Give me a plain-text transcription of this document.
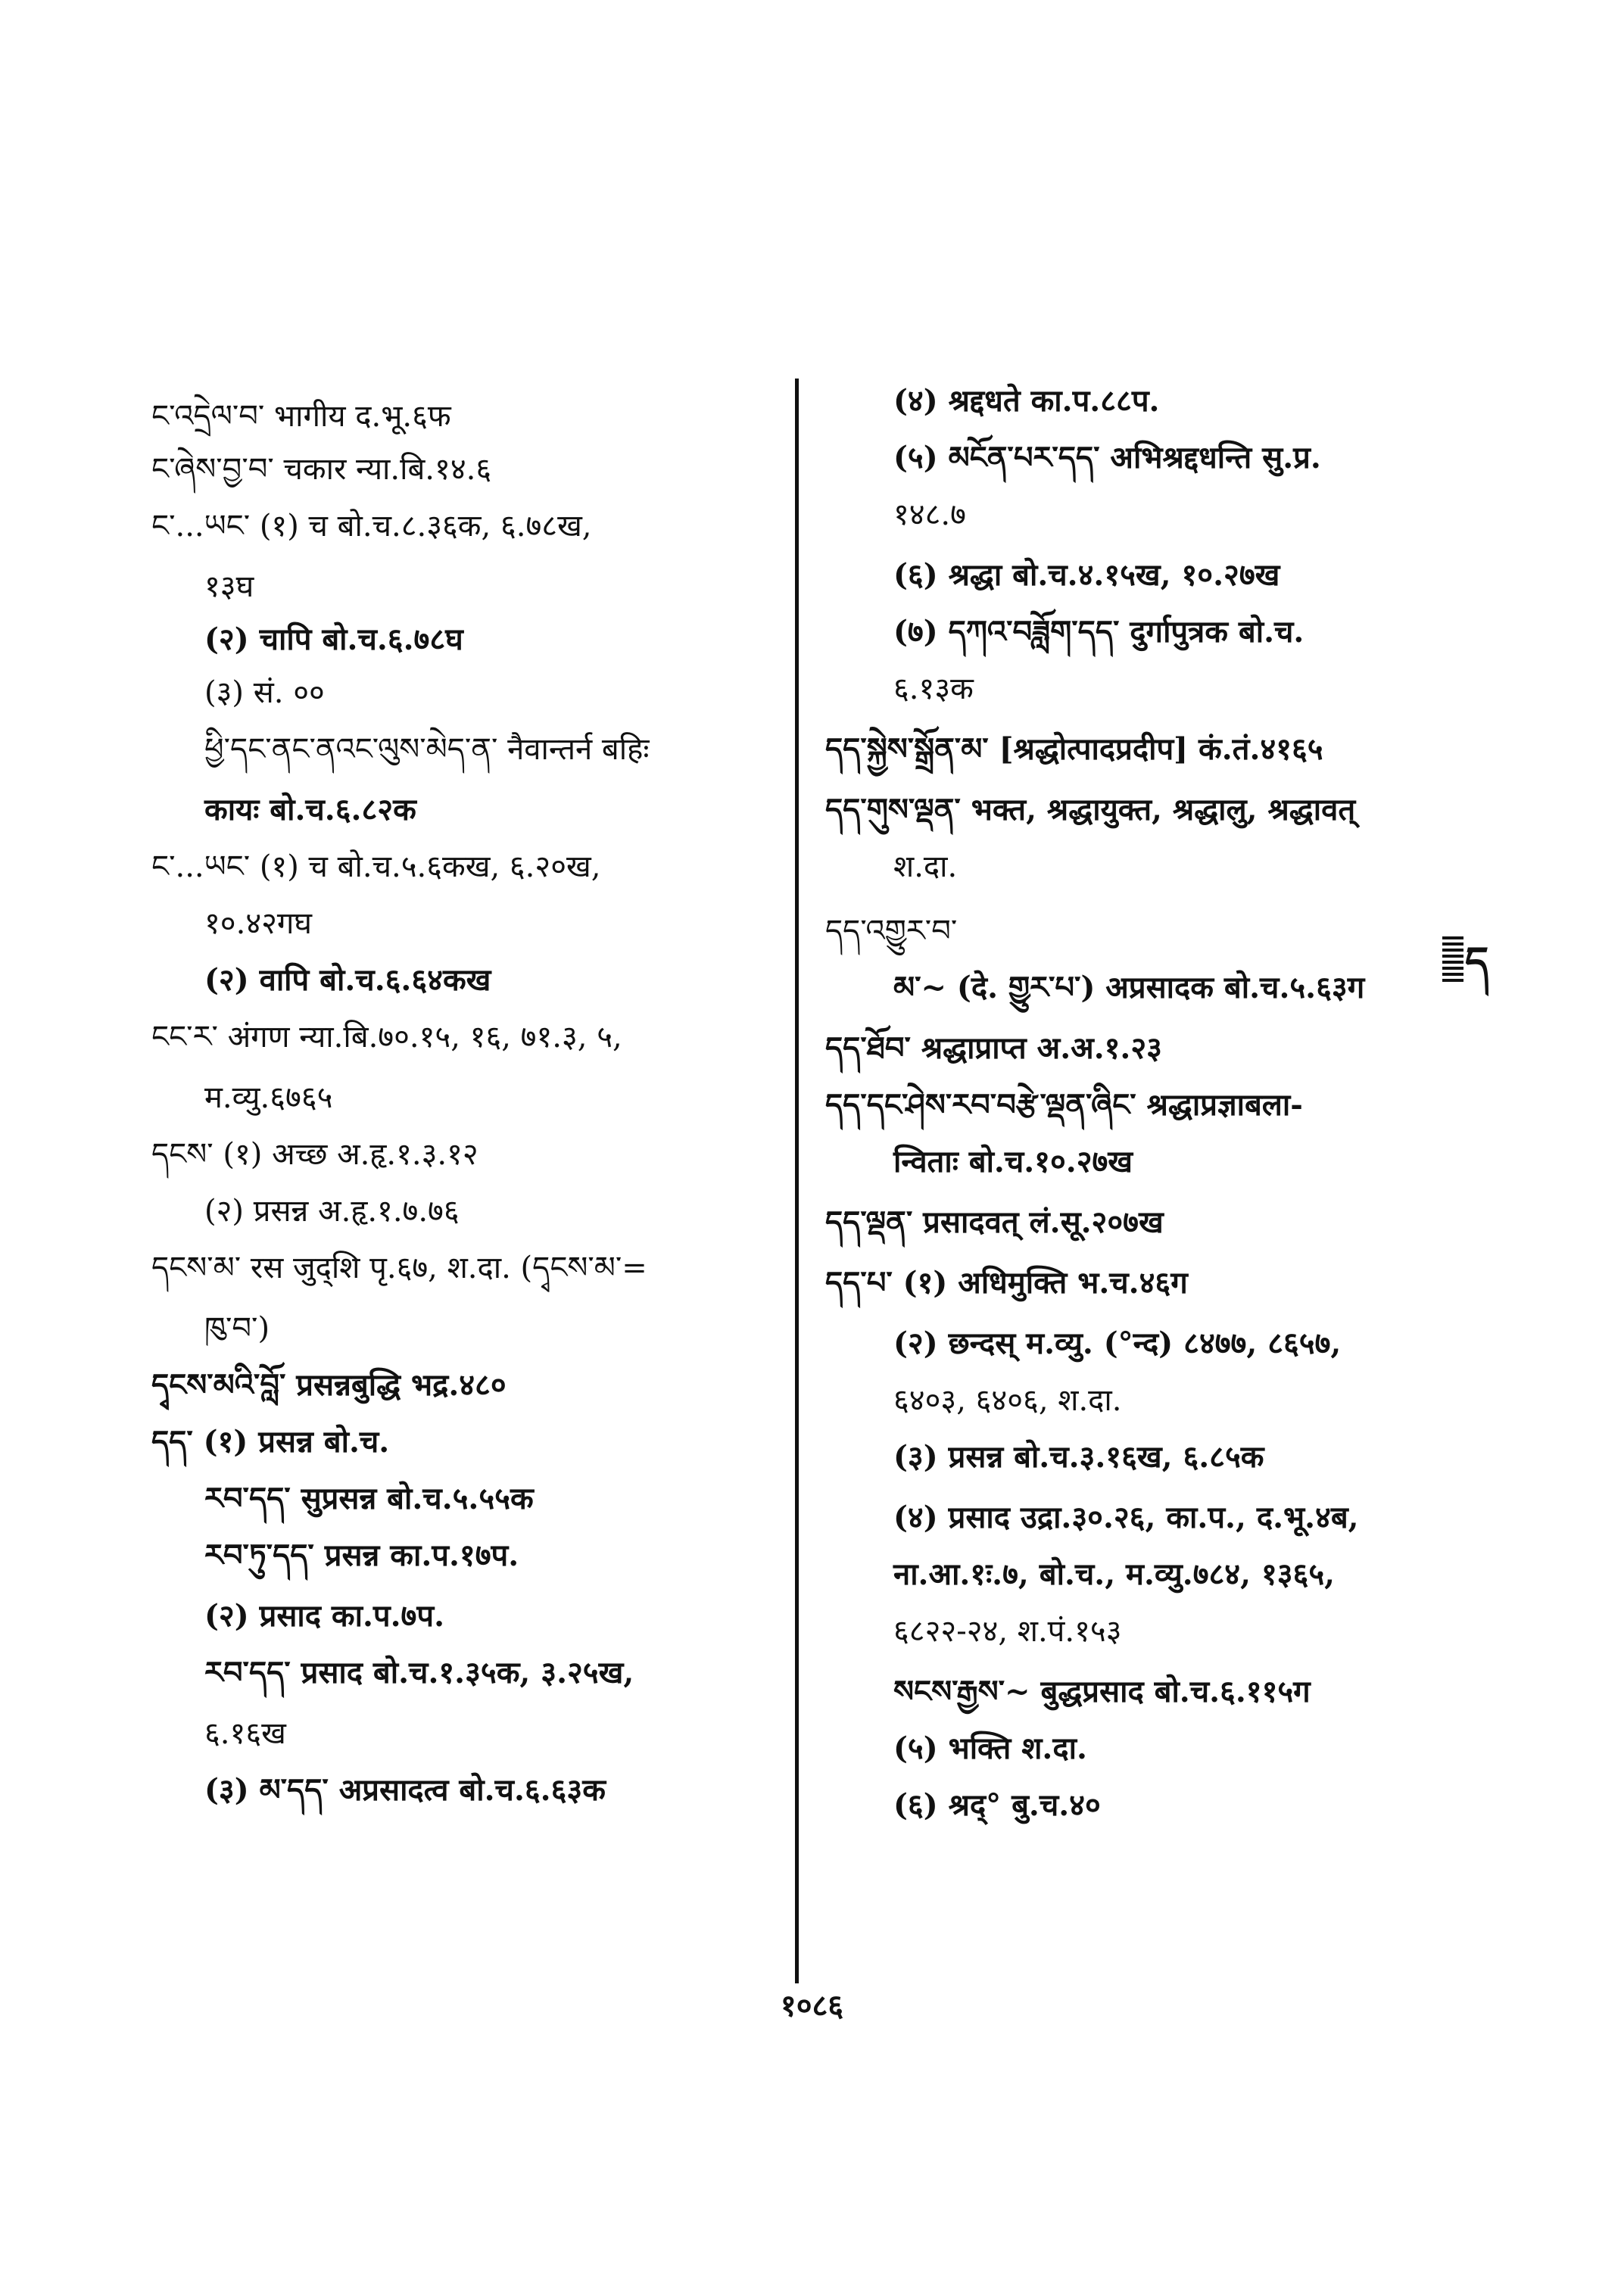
ང་འདྲེལ་བ་ भागीय द.भू.६फ
ང་ཞེས་བྱ་བ་ चकार न्या.बि.१४.६
ང་...ཡང་ (१) च बो.च.८.३६क, ६.७८ख,
१३घ
(२) चापि बो.च.६.७८घ
(३) सं. ००
ཕྱི་དང་ནང་ནའང་ལུས་མེད་ན་ नैवान्तर्न बहिः
कायः बो.च.६.८२क
ང་...ཡང་ (१) च बो.च.५.६कख, ६.२०ख,
१०.४२गघ
(२) वापि बो.च.६.६४कख
ངང་ར་ अंगण न्या.बि.७०.१५, १६, ७१.३, ५,
म.व्यु.६७६५
དངས་ (१) अच्छ अ.हृ.१.३.१२
(२) प्रसन्न अ.हृ.१.७.७६
དངས་མ་ रस जुद्शि पृ.६७, श.दा. (དྭངས་མ་=
ཁུ་བ་)
དྭངས་མའི་བློ་ प्रसन्नबुद्धि भद्र.४८०
དད་ (१) प्रसन्न बो.च.
རབ་དད་ सुप्रसन्न बो.च.५.५५क
རབ་ཏུ་དད་ प्रसन्न का.प.१७प.
(२) प्रसाद का.प.७प.
རབ་དད་ प्रसाद बो.च.१.३५क, ३.२५ख,
६.१६ख
(३) མ་དད་ अप्रसादत्व बो.च.६.६३क
(४) श्रद्दधते का.प.८८प.
(५) མངོན་པར་དད་ अभिश्रद्दधन्ति सु.प्र.
१४८.७
(६) श्रद्धा बो.च.४.१५ख, १०.२७ख
(७) དཀའ་བཟློག་དད་ दुर्गापुत्रक बो.च.
६.१३क
དད་སྐྱེས་སྒྲོན་མ་ [श्रद्धोत्पादप्रदीप] कं.तं.४१६५
དད་གུས་ལྡན་ भक्त, श्रद्धायुक्त, श्रद्धालु, श्रद्धावत्
श.दा.
དད་འགྱུར་བ་
མ་~ (दे. གྱུར་པ་) अप्रसादक बो.च.५.६३ग
དད་ཐོབ་ श्रद्धाप्राप्त अ.अ.१.२३
དད་དང་ཤེས་རབ་བརྩེ་ལྡན་ཞིང་ श्रद्धाप्रज्ञाबला-
न्विताः बो.च.१०.२७ख
དད་ལྡན་ प्रसादवत् लं.सू.२०७ख
དད་པ་ (१) अधिमुक्ति भ.च.४६ग
(२) छन्दस् म.व्यु. (°न्द) ८४७७, ८६५७,
६४०३, ६४०६, श.दा.
(३) प्रसन्न बो.च.३.१६ख, ६.८५क
(४) प्रसाद उद्रा.३०.२६, का.प., द.भू.४ब,
ना.आ.१ः.७, बो.च., म.व्यु.७८४, १३६५,
६८२२-२४, श.पं.१५३
སངས་རྒྱས་~ बुद्धप्रसाद बो.च.६.११५ग
(५) भक्ति श.दा.
(६) श्रद्° बु.च.४०
ད
१०८६
